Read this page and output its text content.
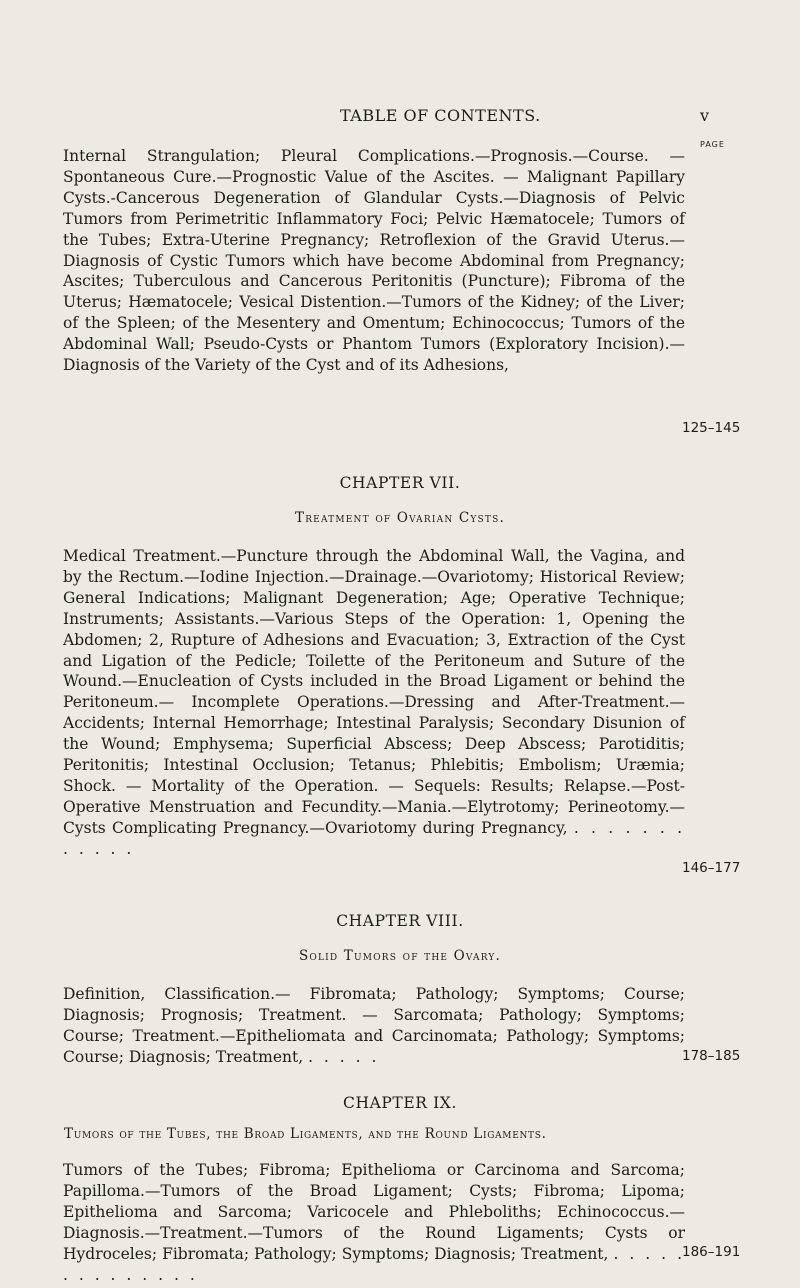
TABLE OF CONTENTS.	v
PAGE
Internal Strangulation; Pleural Complications.—Prognosis.—Course. —Spontaneous Cure.—Prognostic Value of the Ascites. — Malignant Papillary Cysts.-Cancerous Degeneration of Glandular Cysts.—Diagnosis of Pelvic Tumors from Perimetritic Inflammatory Foci; Pelvic Hæmatocele; Tumors of the Tubes; Extra-Uterine Pregnancy; Retroflexion of the Gravid Uterus.—Diagnosis of Cystic Tumors which have become Abdominal from Pregnancy; Ascites; Tuberculous and Cancerous Peritonitis (Puncture); Fibroma of the Uterus; Hæmatocele; Vesical Distention.—Tumors of the Kidney; of the Liver; of the Spleen; of the Mesentery and Omentum; Echinococcus; Tumors of the Abdominal Wall; Pseudo-Cysts or Phantom Tumors (Exploratory Incision).—Diagnosis of the Variety of the Cyst and of its Adhesions,
125–145
CHAPTER VII.
Treatment of Ovarian Cysts.
Medical Treatment.—Puncture through the Abdominal Wall, the Vagina, and by the Rectum.—Iodine Injection.—Drainage.—Ovariotomy; Historical Review; General Indications; Malignant Degeneration; Age; Operative Technique; Instruments; Assistants.—Various Steps of the Operation: 1, Opening the Abdomen; 2, Rupture of Adhesions and Evacuation; 3, Extraction of the Cyst and Ligation of the Pedicle; Toilette of the Peritoneum and Suture of the Wound.—Enucleation of Cysts included in the Broad Ligament or behind the Peritoneum.— Incomplete Operations.—Dressing and After-Treatment.—Accidents; Internal Hemorrhage; Intestinal Paralysis; Secondary Disunion of the Wound; Emphysema; Superficial Abscess; Deep Abscess; Parotiditis; Peritonitis; Intestinal Occlusion; Tetanus; Phlebitis; Embolism; Uræmia; Shock. — Mortality of the Operation. — Sequels: Results; Relapse.—Post-Operative Menstruation and Fecundity.—Mania.—Elytrotomy; Perineotomy.—Cysts Complicating Pregnancy.—Ovariotomy during Pregnancy, . . . . . . . . . . . .
146–177
CHAPTER VIII.
Solid Tumors of the Ovary.
Definition, Classification.— Fibromata; Pathology; Symptoms; Course; Diagnosis; Prognosis; Treatment. — Sarcomata; Pathology; Symptoms; Course; Treatment.—Epitheliomata and Carcinomata; Pathology; Symptoms; Course; Diagnosis; Treatment, . . . . .	178–185
CHAPTER IX.
Tumors of the Tubes, the Broad Ligaments, and the Round Ligaments.
Tumors of the Tubes; Fibroma; Epithelioma or Carcinoma and Sarcoma; Papilloma.—Tumors of the Broad Ligament; Cysts; Fibroma; Lipoma; Epithelioma and Sarcoma; Varicocele and Phleboliths; Echinococcus.—Diagnosis.—Treatment.—Tumors of the Round Ligaments; Cysts or Hydroceles; Fibromata; Pathology; Symptoms; Diagnosis; Treatment, . . . . . . . . . . . . . .
186–191
